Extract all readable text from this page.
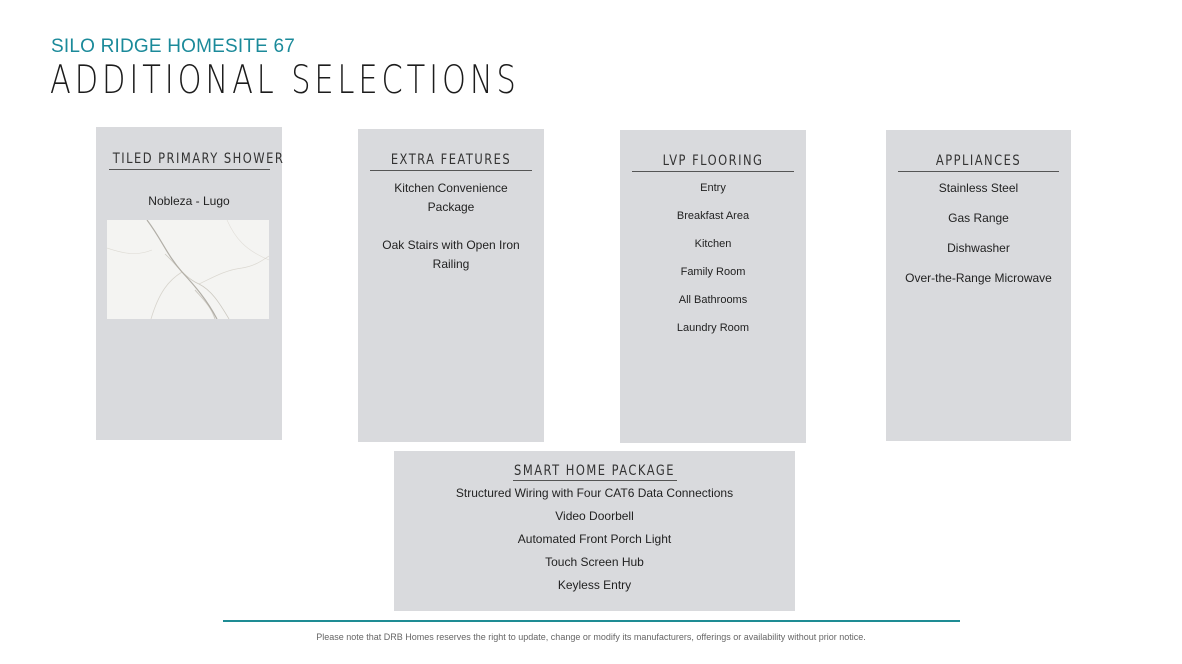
SILO RIDGE HOMESITE 67
ADDITIONAL SELECTIONS
TILED PRIMARY SHOWER
Nobleza - Lugo
EXTRA FEATURES
Kitchen Convenience Package
Oak Stairs with Open Iron Railing
LVP FLOORING
Entry
Breakfast Area
Kitchen
Family Room
All Bathrooms
Laundry Room
APPLIANCES
Stainless Steel
Gas Range
Dishwasher
Over-the-Range Microwave
SMART HOME PACKAGE
Structured Wiring with Four CAT6 Data Connections
Video Doorbell
Automated Front Porch Light
Touch Screen Hub
Keyless Entry
Please note that DRB Homes reserves the right to update, change or modify its manufacturers, offerings or availability without prior notice.
